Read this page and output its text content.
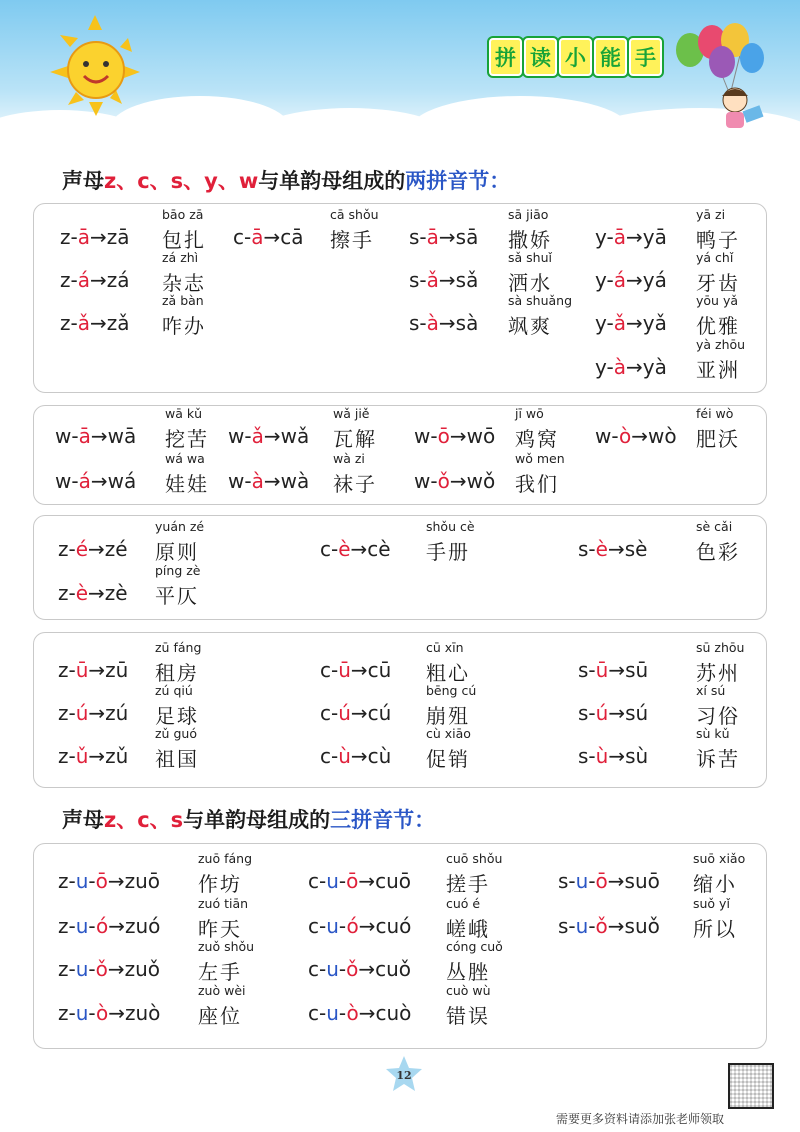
拼 读 小 能 手
声母z、c、s、y、w与单韵母组成的两拼音节：
声母z、c、s与单韵母组成的三拼音节：
z-ā→zā
bāo zā
包扎
z-á→zá
zá zhì
杂志
z-ǎ→zǎ
zǎ bàn
咋办
c-ā→cā
cā shǒu
擦手 s-ā→sā
sā jiāo
撒娇
s-ǎ→sǎ
sǎ shuǐ
洒水
s-à→sà
sà shuǎng
飒爽
y-ā→yā
yā zi
鸭子
y-á→yá
yá chǐ
牙齿
y-ǎ→yǎ
yōu yǎ
优雅
y-à→yà
yà zhōu
亚洲
w-ā→wā
wā kǔ
挖苦
w-á→wá
wá wa
娃娃
w-ǎ→wǎ
wǎ jiě
瓦解
w-à→wà
wà zi
袜子
w-ō→wō
jī wō
鸡窝
w-ǒ→wǒ
wǒ men
我们
w-ò→wò
féi wò
肥沃
z-é→zé
yuán zé
原则
z-è→zè
píng zè
平仄
c-è→cè
shǒu cè
手册	s-è→sè
sè cǎi
色彩
z-ū→zū
zū fáng
租房
z-ú→zú
zú qiú
足球
z-ǔ→zǔ
zǔ guó
祖国
c-ū→cū
cū xīn
粗心
c-ú→cú
bēng cú
崩殂
c-ù→cù
cù xiāo
促销
s-ū→sū
sū zhōu
苏州
s-ú→sú
xí sú
习俗
s-ù→sù
sù kǔ
诉苦
z-u-ō→zuō
zuō fáng
作坊
z-u-ó→zuó
zuó tiān
昨天
z-u-ǒ→zuǒ
zuǒ shǒu
左手
z-u-ò→zuò
zuò wèi
座位
c-u-ō→cuō
cuō shǒu
搓手
c-u-ó→cuó
cuó é
嵯峨
c-u-ǒ→cuǒ
cóng cuǒ
丛脞
c-u-ò→cuò
cuò wù
错误
s-u-ō→suō
suō xiǎo
缩小
s-u-ǒ→suǒ
suǒ yǐ
所以
12
需要更多资料请添加张老师领取
